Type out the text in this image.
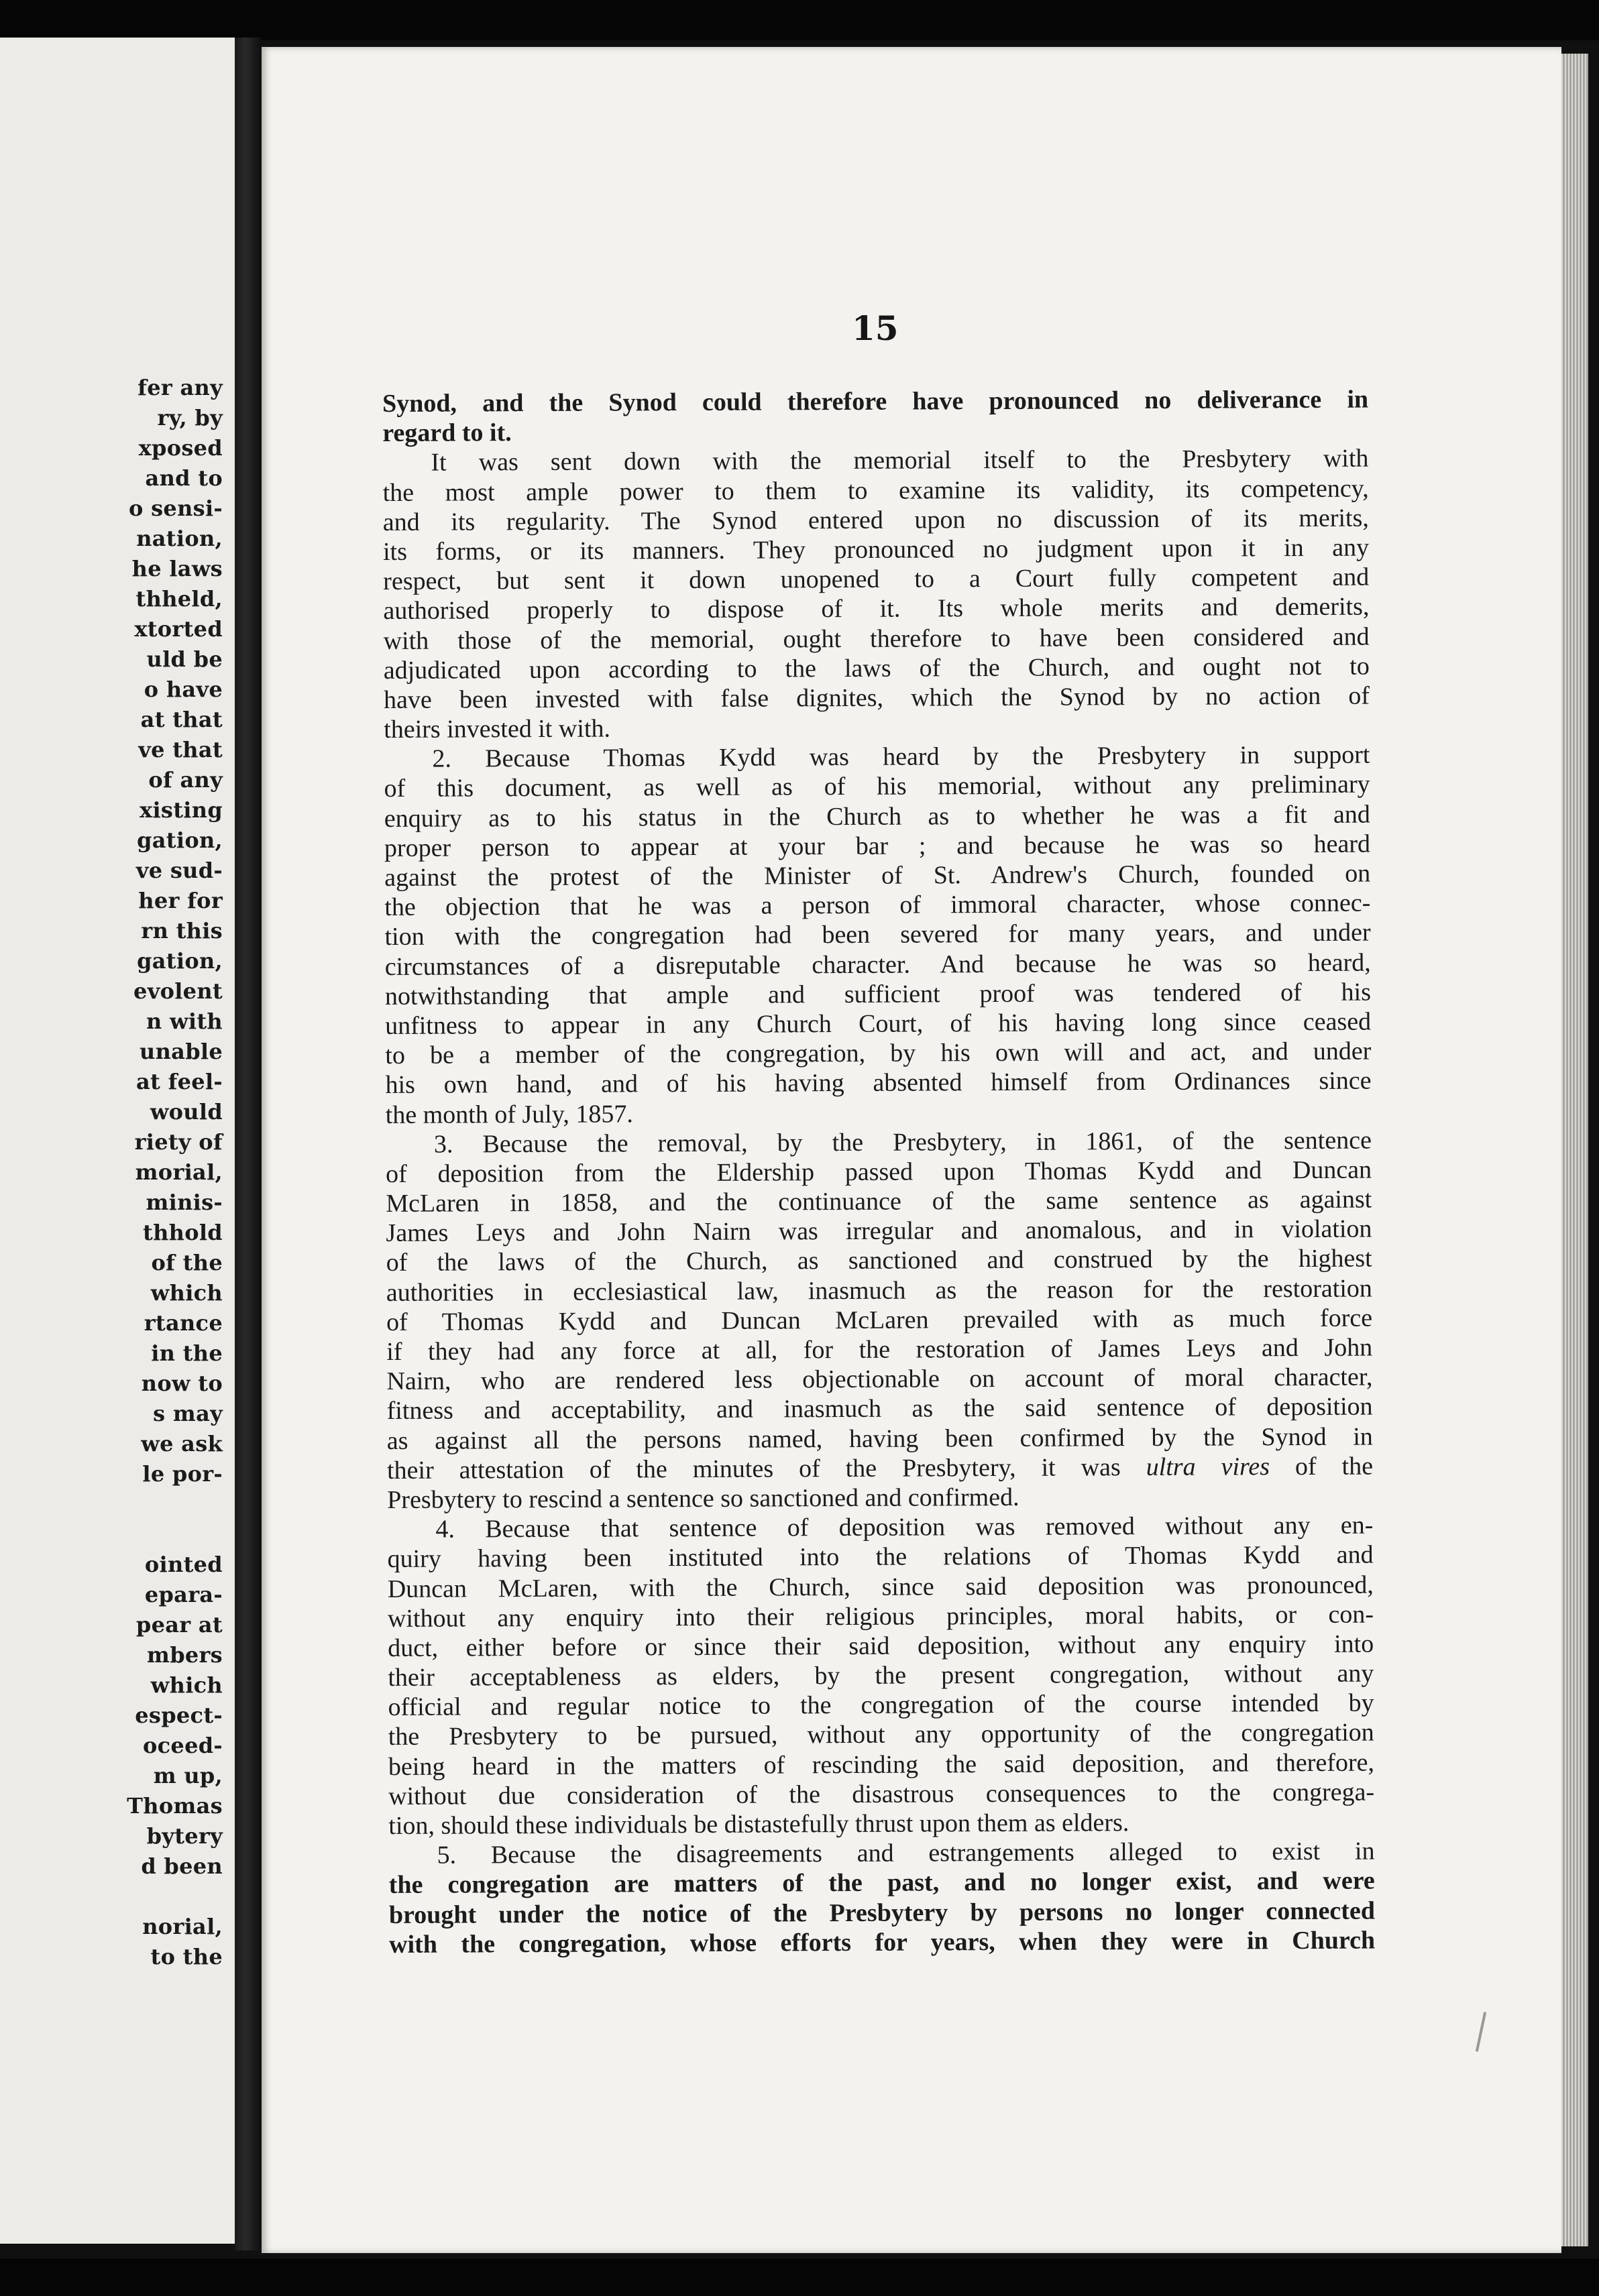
fer any
ry, by
xposed
and to
o sensi-
nation,
he laws
thheld,
xtorted
uld be
o have
at that
ve that
of any
xisting
gation,
ve sud-
her for
rn this
gation,
evolent
n with
unable
at feel-
would
riety of
morial,
minis-
thhold
of the
which
rtance
in the
now to
s may
we ask
le por-
ointed
epara-
pear at
mbers
which
espect-
oceed-
m up,
Thomas
bytery
d been
norial,
to the
15
Synod, and the Synod could therefore have pronounced no deliverance in
regard to it.
It was sent down with the memorial itself to the Presbytery with
the most ample power to them to examine its validity, its competency,
and its regularity. The Synod entered upon no discussion of its merits,
its forms, or its manners. They pronounced no judgment upon it in any
respect, but sent it down unopened to a Court fully competent and
authorised properly to dispose of it. Its whole merits and demerits,
with those of the memorial, ought therefore to have been considered and
adjudicated upon according to the laws of the Church, and ought not to
have been invested with false dignites, which the Synod by no action of
theirs invested it with.
2. Because Thomas Kydd was heard by the Presbytery in support
of this document, as well as of his memorial, without any preliminary
enquiry as to his status in the Church as to whether he was a fit and
proper person to appear at your bar ; and because he was so heard
against the protest of the Minister of St. Andrew's Church, founded on
the objection that he was a person of immoral character, whose connec-
tion with the congregation had been severed for many years, and under
circumstances of a disreputable character. And because he was so heard,
notwithstanding that ample and sufficient proof was tendered of his
unfitness to appear in any Church Court, of his having long since ceased
to be a member of the congregation, by his own will and act, and under
his own hand, and of his having absented himself from Ordinances since
the month of July, 1857.
3. Because the removal, by the Presbytery, in 1861, of the sentence
of deposition from the Eldership passed upon Thomas Kydd and Duncan
McLaren in 1858, and the continuance of the same sentence as against
James Leys and John Nairn was irregular and anomalous, and in violation
of the laws of the Church, as sanctioned and construed by the highest
authorities in ecclesiastical law, inasmuch as the reason for the restoration
of Thomas Kydd and Duncan McLaren prevailed with as much force
if they had any force at all, for the restoration of James Leys and John
Nairn, who are rendered less objectionable on account of moral character,
fitness and acceptability, and inasmuch as the said sentence of deposition
as against all the persons named, having been confirmed by the Synod in
their attestation of the minutes of the Presbytery, it was ultra vires of the
Presbytery to rescind a sentence so sanctioned and confirmed.
4. Because that sentence of deposition was removed without any en-
quiry having been instituted into the relations of Thomas Kydd and
Duncan McLaren, with the Church, since said deposition was pronounced,
without any enquiry into their religious principles, moral habits, or con-
duct, either before or since their said deposition, without any enquiry into
their acceptableness as elders, by the present congregation, without any
official and regular notice to the congregation of the course intended by
the Presbytery to be pursued, without any opportunity of the congregation
being heard in the matters of rescinding the said deposition, and therefore,
without due consideration of the disastrous consequences to the congrega-
tion, should these individuals be distastefully thrust upon them as elders.
5. Because the disagreements and estrangements alleged to exist in
the congregation are matters of the past, and no longer exist, and were
brought under the notice of the Presbytery by persons no longer connected
with the congregation, whose efforts for years, when they were in Church
